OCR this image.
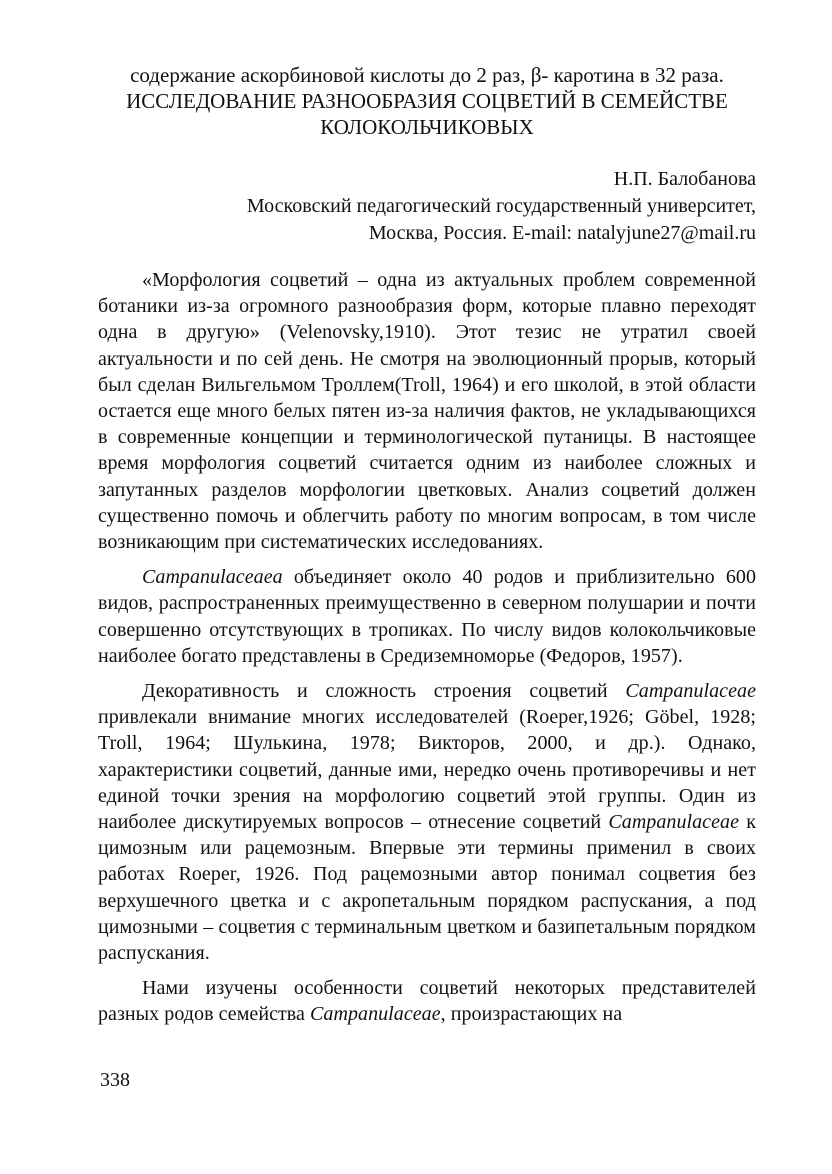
содержание аскорбиновой кислоты до 2 раз, β- каротина в 32 раза.
ИССЛЕДОВАНИЕ РАЗНООБРАЗИЯ СОЦВЕТИЙ В СЕМЕЙСТВЕ
КОЛОКОЛЬЧИКОВЫХ
Н.П. Балобанова
Московский педагогический государственный университет,
Москва, Россия. E-mail: natalyjune27@mail.ru

«Морфология соцветий – одна из актуальных проблем современной ботаники из-за огромного разнообразия форм, которые плавно переходят одна в другую» (Velenovsky,1910). Этот тезис не утратил своей актуальности и по сей день. Не смотря на эволюционный прорыв, который был сделан Вильгельмом Троллем(Troll, 1964) и его школой, в этой области остается еще много белых пятен из-за наличия фактов, не укладывающихся в современные концепции и терминологической путаницы. В настоящее время морфология соцветий считается одним из наиболее сложных и запутанных разделов морфологии цветковых. Анализ соцветий должен существенно помочь и облегчить работу по многим вопросам, в том числе возникающим при систематических исследованиях.

Campanulaceaea объединяет около 40 родов и приблизительно 600 видов, распространенных преимущественно в северном полушарии и почти совершенно отсутствующих в тропиках. По числу видов колокольчиковые наиболее богато представлены в Средиземноморье (Федоров, 1957).

Декоративность и сложность строения соцветий Campanulaceae привлекали внимание многих исследователей (Roeper,1926; Göbel, 1928; Troll, 1964; Шулькина, 1978; Викторов, 2000, и др.). Однако, характеристики соцветий, данные ими, нередко очень противоречивы и нет единой точки зрения на морфологию соцветий этой группы. Один из наиболее дискутируемых вопросов – отнесение соцветий Campanulaceae к цимозным или рацемозным. Впервые эти термины применил в своих работах Roeper, 1926. Под рацемозными автор понимал соцветия без верхушечного цветка и с акропетальным порядком распускания, а под цимозными – соцветия с терминальным цветком и базипетальным порядком распускания.

Нами изучены особенности соцветий некоторых представителей разных родов семейства Campanulaceae, произрастающих на

338
